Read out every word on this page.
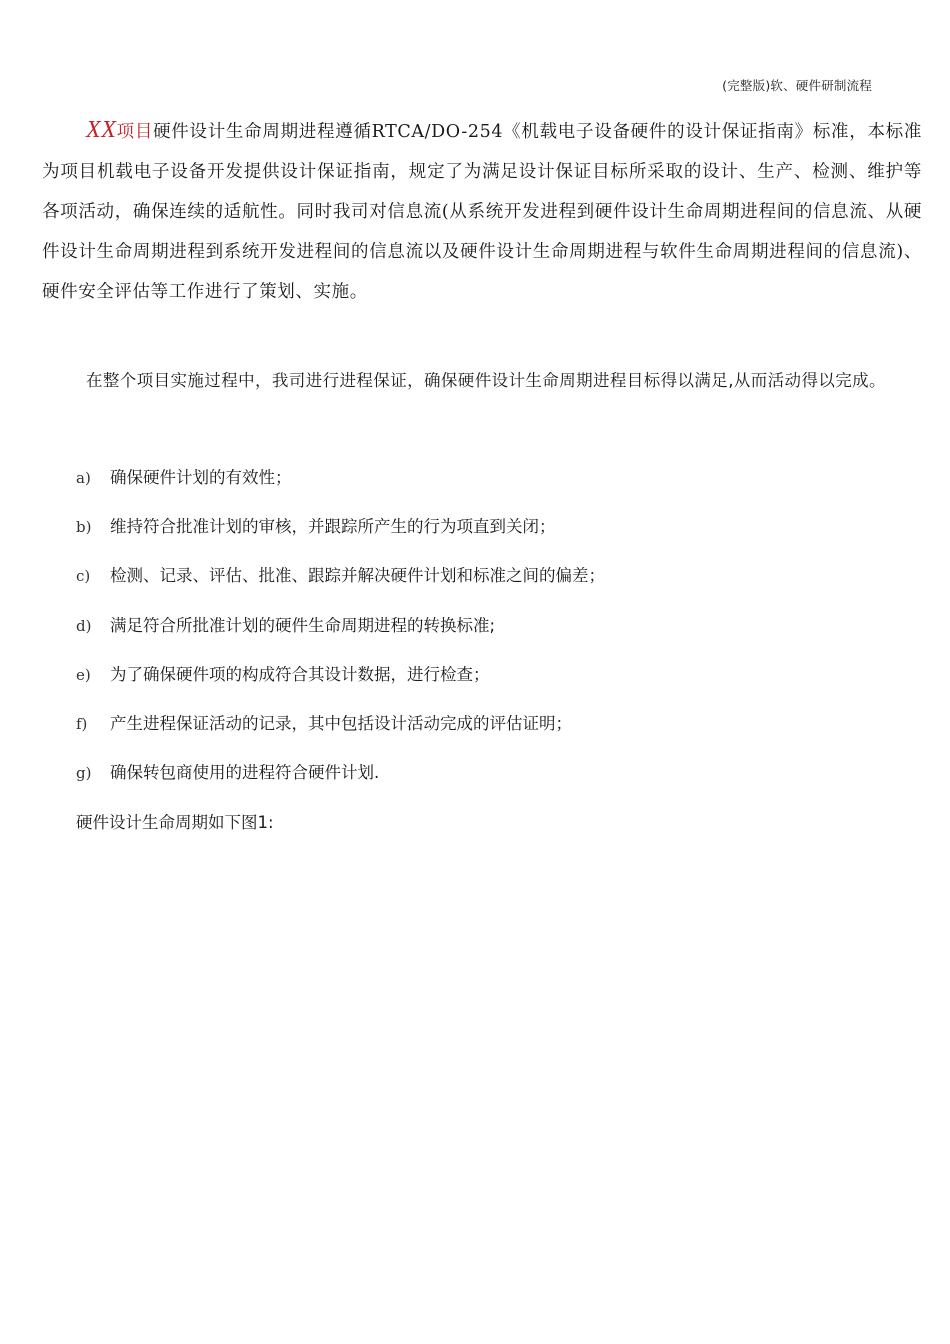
(完整版)软、硬件研制流程

XX项目硬件设计生命周期进程遵循RTCA/DO-254《机载电子设备硬件的设计保证指南》标准，本标准为项目机载电子设备开发提供设计保证指南，规定了为满足设计保证目标所采取的设计、生产、检测、维护等各项活动，确保连续的适航性。同时我司对信息流(从系统开发进程到硬件设计生命周期进程间的信息流、从硬件设计生命周期进程到系统开发进程间的信息流以及硬件设计生命周期进程与软件生命周期进程间的信息流)、硬件安全评估等工作进行了策划、实施。

在整个项目实施过程中，我司进行进程保证，确保硬件设计生命周期进程目标得以满足,从而活动得以完成。

a) 确保硬件计划的有效性；
b) 维持符合批准计划的审核，并跟踪所产生的行为项直到关闭；
c) 检测、记录、评估、批准、跟踪并解决硬件计划和标准之间的偏差；
d) 满足符合所批准计划的硬件生命周期进程的转换标准;
e) 为了确保硬件项的构成符合其设计数据，进行检查；
f) 产生进程保证活动的记录，其中包括设计活动完成的评估证明；
g) 确保转包商使用的进程符合硬件计划.
硬件设计生命周期如下图1:
